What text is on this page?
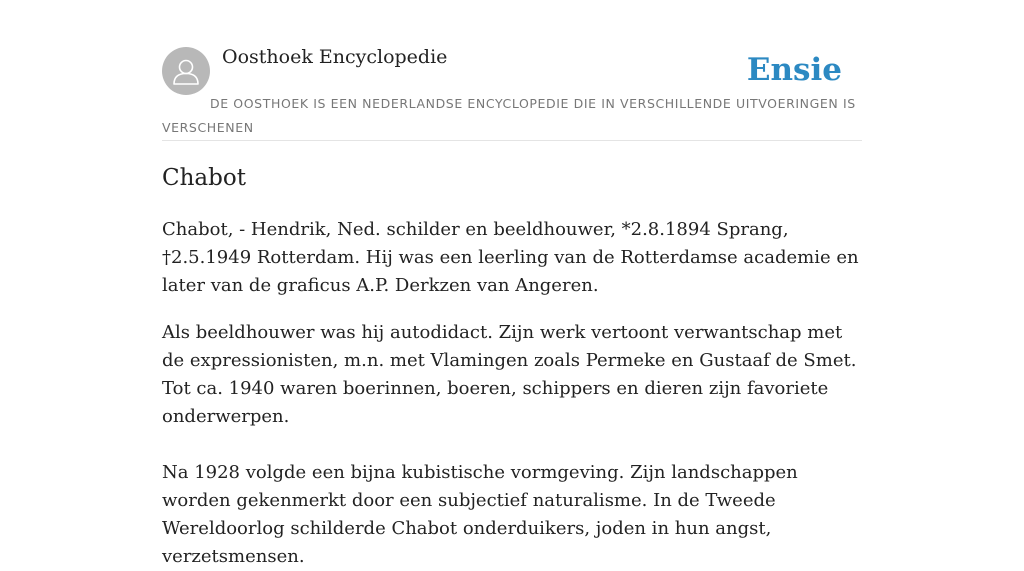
Oosthoek Encyclopedie	Ensie
DE OOSTHOEK IS EEN NEDERLANDSE ENCYCLOPEDIE DIE IN VERSCHILLENDE UITVOERINGEN IS VERSCHENEN
Chabot

Chabot, - Hendrik, Ned. schilder en beeldhouwer, *2.8.1894 Sprang, †2.5.1949 Rotterdam. Hij was een leerling van de Rotterdamse academie en later van de graficus A.P. Derkzen van Angeren.

Als beeldhouwer was hij autodidact. Zijn werk vertoont verwantschap met de expressionisten, m.n. met Vlamingen zoals Permeke en Gustaaf de Smet. Tot ca. 1940 waren boerinnen, boeren, schippers en dieren zijn favoriete onderwerpen.

Na 1928 volgde een bijna kubistische vormgeving. Zijn landschappen worden gekenmerkt door een subjectief naturalisme. In de Tweede Wereldoorlog schilderde Chabot onderduikers, joden in hun angst, verzetsmensen.
